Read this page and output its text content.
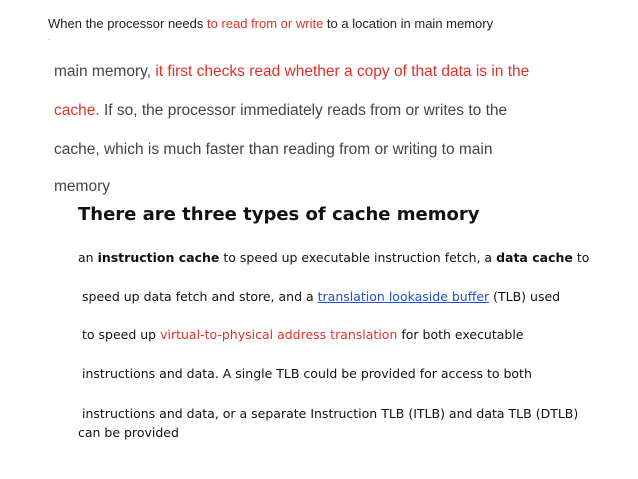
When the processor needs to read from or write to a location in main memory
.
main memory, it first checks read whether a copy of that data is in the
cache. If so, the processor immediately reads from or writes to the
cache, which is much faster than reading from or writing to main
memory
There are three types of cache memory
an instruction cache to speed up executable instruction fetch, a data cache to
speed up data fetch and store, and a translation lookaside buffer (TLB) used
to speed up virtual-to-physical address translation for both executable
instructions and data. A single TLB could be provided for access to both
instructions and data, or a separate Instruction TLB (ITLB) and data TLB (DTLB)
can be provided
